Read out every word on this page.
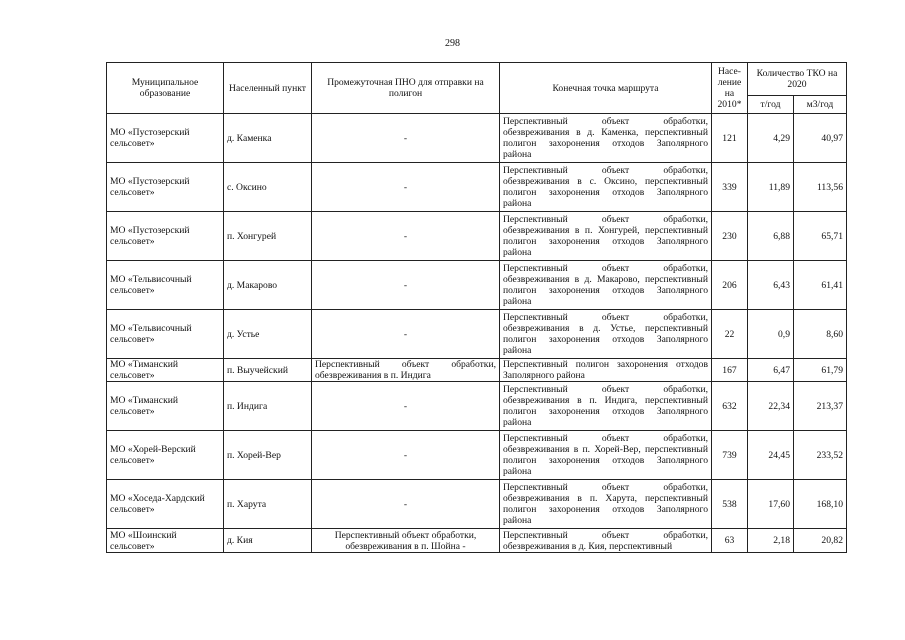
298
Муниципальное образование	Населенный пункт	Промежуточная ПНО для отправки на полигон	Конечная точка маршрута	Насе-ление на 2010*	Количество ТКО на 2020	
					т/год	м3/год
МО «Пустозерский сельсовет»	д. Каменка	-	Перспективный объект обработки, обезвреживания в д. Каменка, перспективный полигон захоронения отходов Заполярного района	121	4,29	40,97
МО «Пустозерский сельсовет»	с. Оксино	-	Перспективный объект обработки, обезвреживания в с. Оксино, перспективный полигон захоронения отходов Заполярного района	339	11,89	113,56
МО «Пустозерский сельсовет»	п. Хонгурей	-	Перспективный объект обработки, обезвреживания в п. Хонгурей, перспективный полигон захоронения отходов Заполярного района	230	6,88	65,71
МО «Тельвисочный сельсовет»	д. Макарово	-	Перспективный объект обработки, обезвреживания в д. Макарово, перспективный полигон захоронения отходов Заполярного района	206	6,43	61,41
МО «Тельвисочный сельсовет»	д. Устье	-	Перспективный объект обработки, обезвреживания в д. Устье, перспективный полигон захоронения отходов Заполярного района	22	0,9	8,60
МО «Тиманский сельсовет»	п. Выучейский	Перспективный объект обработки, обезвреживания в п. Индига	Перспективный полигон захоронения отходов Заполярного района	167	6,47	61,79
МО «Тиманский сельсовет»	п. Индига	-	Перспективный объект обработки, обезвреживания в п. Индига, перспективный полигон захоронения отходов Заполярного района	632	22,34	213,37
МО «Хорей-Верский сельсовет»	п. Хорей-Вер	-	Перспективный объект обработки, обезвреживания в п. Хорей-Вер, перспективный полигон захоронения отходов Заполярного района	739	24,45	233,52
МО «Хоседа-Хардский сельсовет»	п. Харута	-	Перспективный объект обработки, обезвреживания в п. Харута, перспективный полигон захоронения отходов Заполярного района	538	17,60	168,10
МО «Шоинский сельсовет»	д. Кия	Перспективный объект обработки, обезвреживания в п. Шойна -	Перспективный объект обработки, обезвреживания в д. Кия, перспективный	63	2,18	20,82
